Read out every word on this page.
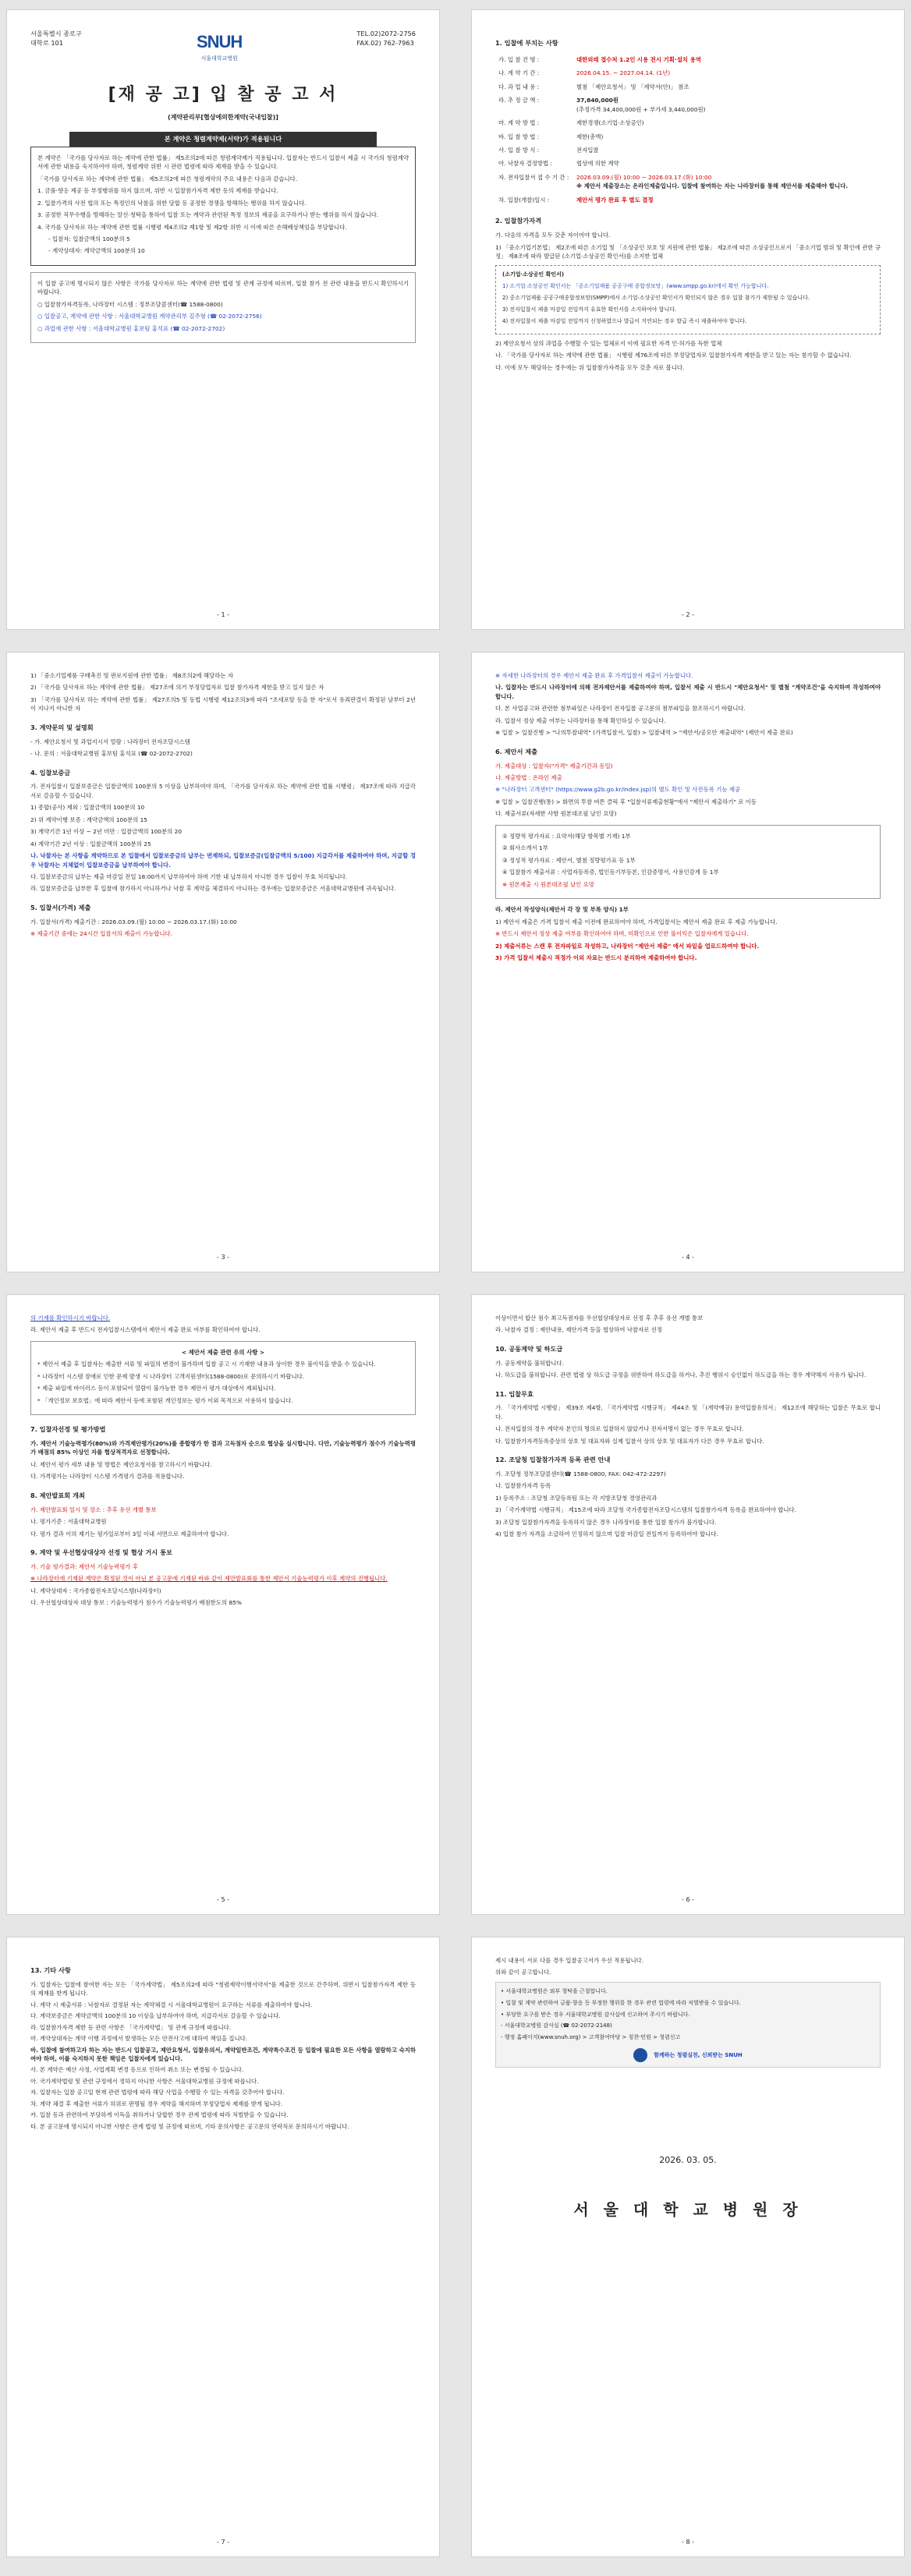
서울특별시 종로구
대학로 101	SNUH
서울대학교병원
TEL.02)2072-2756
FAX.02) 762-7963
[재 공 고] 입 찰 공 고 서
(계약관리부[협상에의한계약(국내입찰)]
본 계약은 청렴계약제(서약)가 적용됩니다

본 계약은 「국가를 당사자로 하는 계약에 관한 법률」 제5조의2에 따른 청렴계약제가 적용됩니다. 입찰자는 반드시 입찰서 제출 시 국가의 청렴계약서에 관한 내용을 숙지하여야 하며, 청렴계약 위반 시 관련 법령에 따라 제재를 받을 수 있습니다.

「국가를 당사자로 하는 계약에 관한 법률」 제5조의2에 따른 청렴계약의 주요 내용은 다음과 같습니다.

1. 금품·향응 제공 등 부정행위를 하지 않으며, 위반 시 입찰참가자격 제한 등의 제재를 받습니다.

2. 입찰가격의 사전 협의 또는 특정인의 낙찰을 위한 담합 등 공정한 경쟁을 방해하는 행위를 하지 않습니다.

3. 공정한 직무수행을 방해하는 알선·청탁을 통하여 입찰 또는 계약과 관련된 특정 정보의 제공을 요구하거나 받는 행위를 하지 않습니다.

4. 국가를 당사자로 하는 계약에 관한 법률 시행령 제4조의2 제1항 및 제2항 위반 시 이에 따른 손해배상책임을 부담합니다.

- 입찰자: 입찰금액의 100분의 5

- 계약상대자: 계약금액의 100분의 10

이 입찰 공고에 명시되지 않은 사항은 국가를 당사자로 하는 계약에 관한 법령 및 관계 규정에 따르며, 입찰 참가 전 관련 내용을 반드시 확인하시기 바랍니다.

○ 입찰참가자격등록, 나라장터 시스템 : 정부조달콜센터(☎ 1588-0800)

○ 입찰공고, 계약에 관한 사항 : 서울대학교병원 계약관리부 김주형 (☎ 02-2072-2756)

○ 과업에 관한 사항 : 서울대학교병원 홍보팀 홍석표 (☎ 02-2072-2702)

- 1 -
1. 입찰에 부치는 사항
가. 입 찰 건 명 :	대한외래 접수처 1.2인 시용 전시 기획·설치 용역
나. 계 약 기 간 :	2026.04.15. ~ 2027.04.14. (1년)
다. 과 업 내 용 :	별첨 「제안요청서」 및 「계약서(안)」 참조
라. 추 정 금 액 :	37,840,000원
(추정가격 34,400,000원 + 부가세 3,440,000원)

마. 계 약 방 법 :	제한경쟁(소기업·소상공인)
바. 입 찰 방 법 :	제한(총액)
사. 입 찰 방 식 :	전자입찰
아. 낙찰자 결정방법 :	협상에 의한 계약
자. 전자입찰서 접 수 기 간 :	2026.03.09.(월) 10:00 ~ 2026.03.17.(화) 10:00
※ 제안서 제출장소는 온라인제출입니다. 입찰에 참여하는 자는 나라장터를 통해 제안서를 제출해야 합니다.

차. 입찰(개찰)일시 :	제안서 평가 완료 후 별도 결정
2. 입찰참가자격

가. 다음의 자격을 모두 갖춘 자이어야 합니다.

1) 「중소기업기본법」 제2조에 따른 소기업 및 「소상공인 보호 및 지원에 관한 법률」 제2조에 따른 소상공인으로서 「중소기업 범위 및 확인에 관한 규정」 제8조에 따라 발급된 (소기업·소상공인 확인서)를 소지한 업체

(소기업·소상공인 확인서)

1) 소기업·소상공인 확인서는 「중소기업제품 공공구매 종합정보망」(www.smpp.go.kr)에서 확인 가능합니다.

2) 중소기업제품 공공구매종합정보망(SMPP)에서 소기업·소상공인 확인서가 확인되지 않은 경우 입찰 참가가 제한될 수 있습니다.

3) 전자입찰서 제출 마감일 전일까지 유효한 확인서를 소지하여야 합니다.

4) 전자입찰서 제출 마감일 전일까지 신청하였으나 발급이 지연되는 경우 발급 즉시 제출하여야 합니다.

2) 제안요청서 상의 과업을 수행할 수 있는 업체로서 이에 필요한 자격 인·허가를 득한 업체

나. 「국가를 당사자로 하는 계약에 관한 법률」 시행령 제76조에 따른 부정당업자로 입찰참가자격 제한을 받고 있는 자는 참가할 수 없습니다.

다. 이에 모두 해당하는 경우에는 위 입찰참가자격을 모두 갖춘 자로 봅니다.

- 2 -

1) 「중소기업제품 구매촉진 및 판로지원에 관한 법률」 제8조의2에 해당하는 자

2) 「국가를 당사자로 하는 계약에 관한 법률」 제27조에 의거 부정당업자로 입찰 참가자격 제한을 받고 있지 않은 자

3) 「국가를 당사자로 하는 계약에 관한 법률」 제27조의5 및 동법 시행령 제12조의3에 따라 "조세포탈 등을 한 자"로서 유죄판결이 확정된 날부터 2년이 지나지 아니한 자

3. 계약문의 및 설명회

- 가. 제안요청서 및 과업지시서 열람 : 나라장터 전자조달시스템

- 나. 문의 : 서울대학교병원 홍보팀 홍석표 (☎ 02-2072-2702)

4. 입찰보증금

가. 전자입찰시 입찰보증금은 입찰금액의 100분의 5 이상을 납부하여야 하며, 「국가를 당사자로 하는 계약에 관한 법률 시행령」 제37조에 따라 지급각서로 갈음할 수 있습니다.

1) 종합(공사) 제외 : 입찰금액의 100분의 10

2) 위 계약이행 보증 : 계약금액의 100분의 15

3) 계약기간 1년 이상 ~ 2년 미만 : 입찰금액의 100분의 20

4) 계약기간 2년 이상 : 입찰금액의 100분의 25

나. 낙찰자는 본 사항을 계약하므로 본 입찰에서 입찰보증금의 납부는 면제하되, 입찰보증금(입찰금액의 5/100) 지급각서를 제출하여야 하며, 지급할 경우 낙찰자는 지체없이 입찰보증금을 납부하여야 합니다.

다. 입찰보증금의 납부는 제출 마감일 전일 18:00까지 납부하여야 하며 기한 내 납부하지 아니한 경우 입찰이 무효 처리됩니다.

라. 입찰보증금을 납부한 후 입찰에 참가하지 아니하거나 낙찰 후 계약을 체결하지 아니하는 경우에는 입찰보증금은 서울대학교병원에 귀속됩니다.

5. 입찰서(가격) 제출

가. 입찰서(가격) 제출기간 : 2026.03.09.(월) 10:00 ~ 2026.03.17.(화) 10:00

※ 제출기간 중에는 24시간 입찰서의 제출이 가능합니다.

- 3 -

※ 자세한 나라장터의 경우 제안서 제출 완료 후 가격입찰서 제출이 가능합니다.

나. 입찰자는 반드시 나라장터에 의해 전자제안서를 제출하여야 하며, 입찰서 제출 시 반드시 "제안요청서" 및 별첨 "계약조건"을 숙지하여 작성하여야 합니다.

다. 본 사업공고와 관련한 첨부파일은 나라장터 전자입찰 공고문의 첨부파일을 참조하시기 바랍니다.

라. 입찰서 정상 제출 여부는 나라장터를 통해 확인하실 수 있습니다.

※ 입찰 > 입찰진행 > "나의투찰내역" (가격입찰서, 입찰) > 입찰내역 > "제안서/공모안 제출내역" (제안서 제출 완료)

6. 제안서 제출

가. 제출대상 : 입찰자("가격" 제출기간과 동일)

나. 제출방법 : 온라인 제출

※ "나라장터 고객센터" (https://www.g2b.go.kr/index.jsp)의 별도 확인 및 사전등록 기능 제공

※ 입찰 > 입찰진행(통) > 화면의 투찰 버튼 클릭 후 "입찰서류제출현황"에서 "제안서 제출하기" 로 이동

다. 제출서류(자세한 사항 원본대조필 날인 요망)

① 정량적 평가자료 : 요약서(해당 항목별 기재) 1부

② 회사소개서 1부

③ 정성적 평가자료 : 제안서, 별첨 정량평가표 등 1부

④ 입찰참가 제출서류 : 사업자등록증, 법인등기부등본, 인감증명서, 사용인감계 등 1부

※ 원본제출 시 원본대조필 날인 요망

라. 제안서 작성양식(제안서 각 장 및 부록 양식) 1부

1) 제안서 제출은 가격 입찰서 제출 이전에 완료하여야 하며, 가격입찰서는 제안서 제출 완료 후 제출 가능합니다.

※ 반드시 제안서 정상 제출 여부를 확인하여야 하며, 미확인으로 인한 불이익은 입찰자에게 있습니다.

2) 제출서류는 스캔 후 전자파일로 작성하고, 나라장터 "제안서 제출" 에서 파일을 업로드하여야 합니다.

3) 가격 입찰서 제출시 적정가 이외 자료는 반드시 분리하여 제출하여야 합니다.

- 4 -

의 기재를 확인하시기 바랍니다.

라. 제안서 제출 후 반드시 전자입찰시스템에서 제안서 제출 완료 여부를 확인하여야 합니다.

< 제안서 제출 관련 유의 사항 >

* 제안서 제출 후 입찰자는 제출한 서류 및 파일의 변경이 불가하며 입찰 공고 시 기재한 내용과 상이한 경우 불이익을 받을 수 있습니다.

* 나라장터 시스템 장애로 인한 문제 발생 시 나라장터 고객지원센터(1588-0800)로 문의하시기 바랍니다.

* 제출 파일에 바이러스 등이 포함되어 열람이 불가능한 경우 제안서 평가 대상에서 제외됩니다.

* 「개인정보 보호법」에 따라 제안서 등에 포함된 개인정보는 평가 이외 목적으로 사용하지 않습니다.

7. 입찰자선정 및 평가방법

가. 제안서 기술능력평가(80%)와 가격제안평가(20%)를 종합평가 한 결과 고득점자 순으로 협상을 실시합니다. 다만, 기술능력평가 점수가 기술능력평가 배점의 85% 이상인 자를 협상적격자로 선정합니다.

나. 제안서 평가 세부 내용 및 방법은 제안요청서를 참고하시기 바랍니다.

다. 가격평가는 나라장터 시스템 가격평가 결과를 적용합니다.

8. 제안발표회 개최

가. 제안발표회 일시 및 장소 : 추후 유선 개별 통보

나. 평가기준 : 서울대학교병원

다. 평가 결과 이의 제기는 평가일로부터 3일 이내 서면으로 제출하여야 합니다.

9. 계약 및 우선협상대상자 선정 및 협상 거시 통보

가. 기술 평가결과: 제안서 기술능력평가 후

※ 나라장터에 기재된 계약은 확정된 것이 아닌 본 공고문에 기재된 바와 같이 제안발표회를 통한 제안서 기술능력평가 이후 계약의 진행됩니다.

나. 계약상대자 : 국가종합전자조달시스템(나라장터)

다. 우선협상대상자 대상 통보 : 기술능력평가 점수가 기술능력평가 배점한도의 85%

- 5 -

이상이면서 합산 점수 최고득점자를 우선협상대상자로 선정 후 추후 유선 개별 통보

라. 낙찰자 결정 : 제안내용, 제안가격 등을 협상하여 낙찰자로 선정

10. 공동계약 및 하도급

가. 공동계약을 불허합니다.

나. 하도급을 불허합니다. 관련 법령 상 하도급 규정을 위반하여 하도급을 하거나, 추진 행위시 승인없이 하도급을 하는 경우 계약해지 사유가 됩니다.

11. 입찰무효

가. 「국가계약법 시행령」 제39조 제4항, 「국가계약법 시행규칙」 제44조 및 「(계약예규) 용역입찰유의서」 제12조에 해당하는 입찰은 무효로 합니다.

나. 전자입찰의 경우 계약자 본인의 명의로 입찰하지 않았거나 전자서명이 없는 경우 무효로 합니다.

다. 입찰참가자격등록증상의 상호 및 대표자와 실제 입찰서 상의 상호 및 대표자가 다른 경우 무효로 합니다.

12. 조달청 입찰참가자격 등록 관련 안내

가. 조달청 정부조달콜센터(☎ 1588-0800, FAX: 042-472-2297)

나. 입찰참가자격 등록

1) 등록주소 : 조달청 조달등록팀 또는 각 지방조달청 경영관리과

2) 「국가계약법 시행규칙」 제15조에 따라 조달청 국가종합전자조달시스템의 입찰참가자격 등록을 완료하여야 합니다.

3) 조달청 입찰참가자격을 등록하지 않은 경우 나라장터를 통한 입찰 참가가 불가합니다.

4) 입찰 참가 자격을 소급하여 인정하지 않으며 입찰 마감일 전일까지 등록하여야 합니다.

- 6 -
13. 기타 사항

가. 입찰자는 입찰에 참여한 자는 모든 「국가계약법」 제5조의2에 따라 "청렴계약이행서약서"를 제출한 것으로 간주하며, 위반시 입찰참가자격 제한 등의 제재를 받게 됩니다.

나. 계약 시 제출서류 : 낙찰자로 결정된 자는 계약체결 시 서울대학교병원이 요구하는 서류를 제출하여야 합니다.

다. 계약보증금은 계약금액의 100분의 10 이상을 납부하여야 하며, 지급각서로 갈음할 수 있습니다.

라. 입찰참가자격 제한 등 관련 사항은 「국가계약법」 및 관계 규정에 따릅니다.

마. 계약상대자는 계약 이행 과정에서 발생하는 모든 안전사고에 대하여 책임을 집니다.

바. 입찰에 참여하고자 하는 자는 반드시 입찰공고, 제안요청서, 입찰유의서, 계약일반조건, 계약특수조건 등 입찰에 필요한 모든 사항을 열람하고 숙지하여야 하며, 이를 숙지하지 못한 책임은 입찰자에게 있습니다.

사. 본 계약은 예산 사정, 사업계획 변경 등으로 인하여 취소 또는 변경될 수 있습니다.

아. 국가계약법령 및 관련 규정에서 정하지 아니한 사항은 서울대학교병원 규정에 따릅니다.

자. 입찰자는 입찰 공고일 현재 관련 법령에 따라 해당 사업을 수행할 수 있는 자격을 갖추어야 합니다.

차. 계약 체결 후 제출한 서류가 허위로 판명될 경우 계약을 해지하며 부정당업자 제재를 받게 됩니다.

카. 입찰 등과 관련하여 부당하게 이득을 취하거나 담합한 경우 관계 법령에 따라 처벌받을 수 있습니다.

타. 본 공고문에 명시되지 아니한 사항은 관계 법령 및 규정에 따르며, 기타 문의사항은 공고문의 연락처로 문의하시기 바랍니다.

- 7 -

제시 내용이 서로 다를 경우 입찰공고서가 우선 적용됩니다.

위와 같이 공고합니다.

• 서울대학교병원은 외부 청탁을 근절합니다.

• 입찰 및 계약 관련하여 금품·향응 등 부정한 행위를 한 경우 관련 법령에 따라 처벌받을 수 있습니다.

• 부당한 요구를 받은 경우 서울대학교병원 감사실에 신고하여 주시기 바랍니다.

- 서울대학교병원 감사실 (☎ 02-2072-2148)

- 행정 홈페이지(www.snuh.org) > 고객참여마당 > 칭찬·민원 > 청렴신고

함께하는 청렴실천, 신뢰받는 SNUH
2026. 03. 05.
서 울 대 학 교 병 원 장
- 8 -
